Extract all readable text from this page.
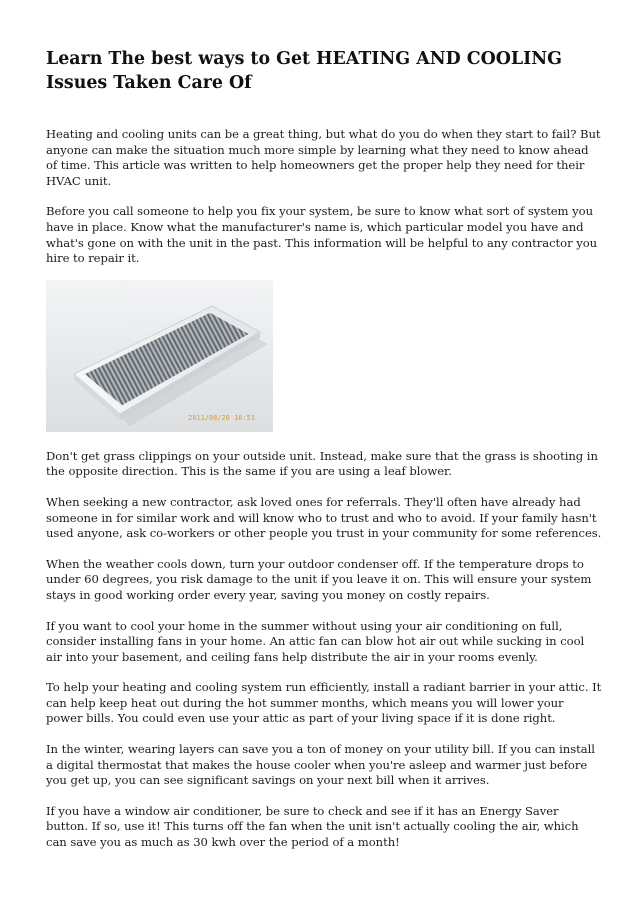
Learn The best ways to Get HEATING AND COOLING Issues Taken Care Of

Heating and cooling units can be a great thing, but what do you do when they start to fail? But anyone can make the situation much more simple by learning what they need to know ahead of time. This article was written to help homeowners get the proper help they need for their HVAC unit.

Before you call someone to help you fix your system, be sure to know what sort of system you have in place. Know what the manufacturer's name is, which particular model you have and what's gone on with the unit in the past. This information will be helpful to any contractor you hire to repair it.

2011/08/20 16:51

Don't get grass clippings on your outside unit. Instead, make sure that the grass is shooting in the opposite direction. This is the same if you are using a leaf blower.

When seeking a new contractor, ask loved ones for referrals. They'll often have already had someone in for similar work and will know who to trust and who to avoid. If your family hasn't used anyone, ask co-workers or other people you trust in your community for some references.

When the weather cools down, turn your outdoor condenser off. If the temperature drops to under 60 degrees, you risk damage to the unit if you leave it on. This will ensure your system stays in good working order every year, saving you money on costly repairs.

If you want to cool your home in the summer without using your air conditioning on full, consider installing fans in your home. An attic fan can blow hot air out while sucking in cool air into your basement, and ceiling fans help distribute the air in your rooms evenly.

To help your heating and cooling system run efficiently, install a radiant barrier in your attic. It can help keep heat out during the hot summer months, which means you will lower your power bills. You could even use your attic as part of your living space if it is done right.

In the winter, wearing layers can save you a ton of money on your utility bill. If you can install a digital thermostat that makes the house cooler when you're asleep and warmer just before you get up, you can see significant savings on your next bill when it arrives.

If you have a window air conditioner, be sure to check and see if it has an Energy Saver button. If so, use it! This turns off the fan when the unit isn't actually cooling the air, which can save you as much as 30 kwh over the period of a month!
